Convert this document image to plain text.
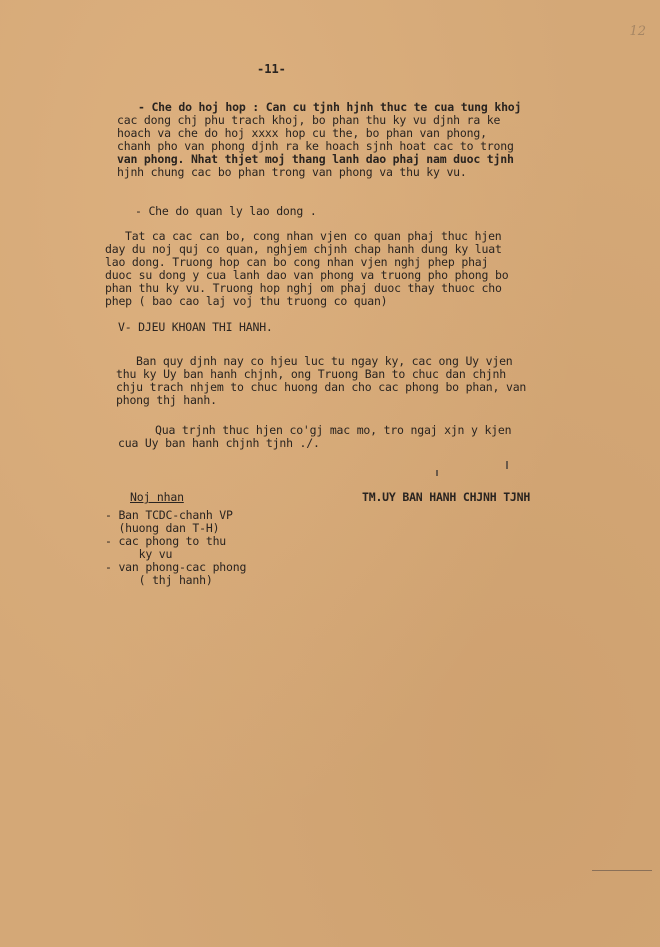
12
-11-
- Che do hoj hop : Can cu tjnh hjnh thuc te cua tung khoj
cac dong chj phu trach khoj, bo phan thu ky vu djnh ra ke
hoach va che do hoj xxxx hop cu the, bo phan van phong,
chanh pho van phong djnh ra ke hoach sjnh hoat cac to trong
van phong. Nhat thjet moj thang lanh dao phaj nam duoc tjnh
hjnh chung cac bo phan trong van phong va thu ky vu.
- Che do quan ly lao dong .
Tat ca cac can bo, cong nhan vjen co quan phaj thuc hjen
day du noj quj co quan, nghjem chjnh chap hanh dung ky luat
lao dong. Truong hop can bo cong nhan vjen nghj phep phaj
duoc su dong y cua lanh dao van phong va truong pho phong bo
phan thu ky vu. Truong hop nghj om phaj duoc thay thuoc cho
phep ( bao cao laj voj thu truong co quan)
V- DJEU KHOAN THI HANH.
Ban quy djnh nay co hjeu luc tu ngay ky, cac ong Uy vjen
thu ky Uy ban hanh chjnh, ong Truong Ban to chuc dan chjnh
chju trach nhjem to chuc huong dan cho cac phong bo phan, van
phong thj hanh.
Qua trjnh thuc hjen co'gj mac mo, tro ngaj xjn y kjen
cua Uy ban hanh chjnh tjnh ./.
TM.UY BAN HANH CHJNH TJNH
Noj nhan
- Ban TCDC-chanh VP
(huong dan T-H)
- cac phong to thu
ky vu
- van phong-cac phong
( thj hanh)
